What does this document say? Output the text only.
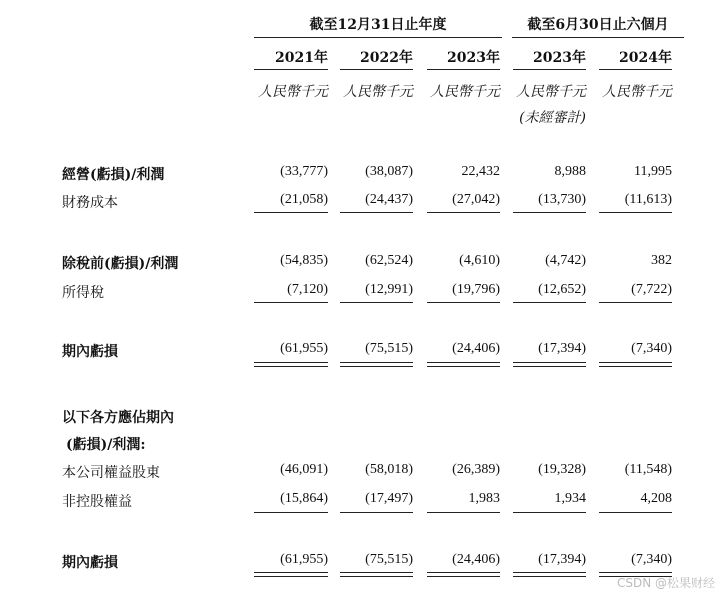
截至12月31日止年度	截至6月30日止六個月
2021年	2022年	2023年	2023年	2024年
人民幣千元	人民幣千元	人民幣千元	人民幣千元	人民幣千元
(未經審計)
經營(虧損)/利潤	(33,777)	(38,087)	22,432	8,988	11,995
財務成本	(21,058)	(24,437)	(27,042)	(13,730)	(11,613)
除稅前(虧損)/利潤	(54,835)	(62,524)	(4,610)	(4,742)	382
所得稅	(7,120)	(12,991)	(19,796)	(12,652)	(7,722)
期內虧損	(61,955)	(75,515)	(24,406)	(17,394)	(7,340)
以下各方應佔期內
(虧損)/利潤:
本公司權益股東	(46,091)	(58,018)	(26,389)	(19,328)	(11,548)
非控股權益	(15,864)	(17,497)	1,983	1,934	4,208
期內虧損	(61,955)	(75,515)	(24,406)	(17,394)	(7,340)
CSDN @松果财经
